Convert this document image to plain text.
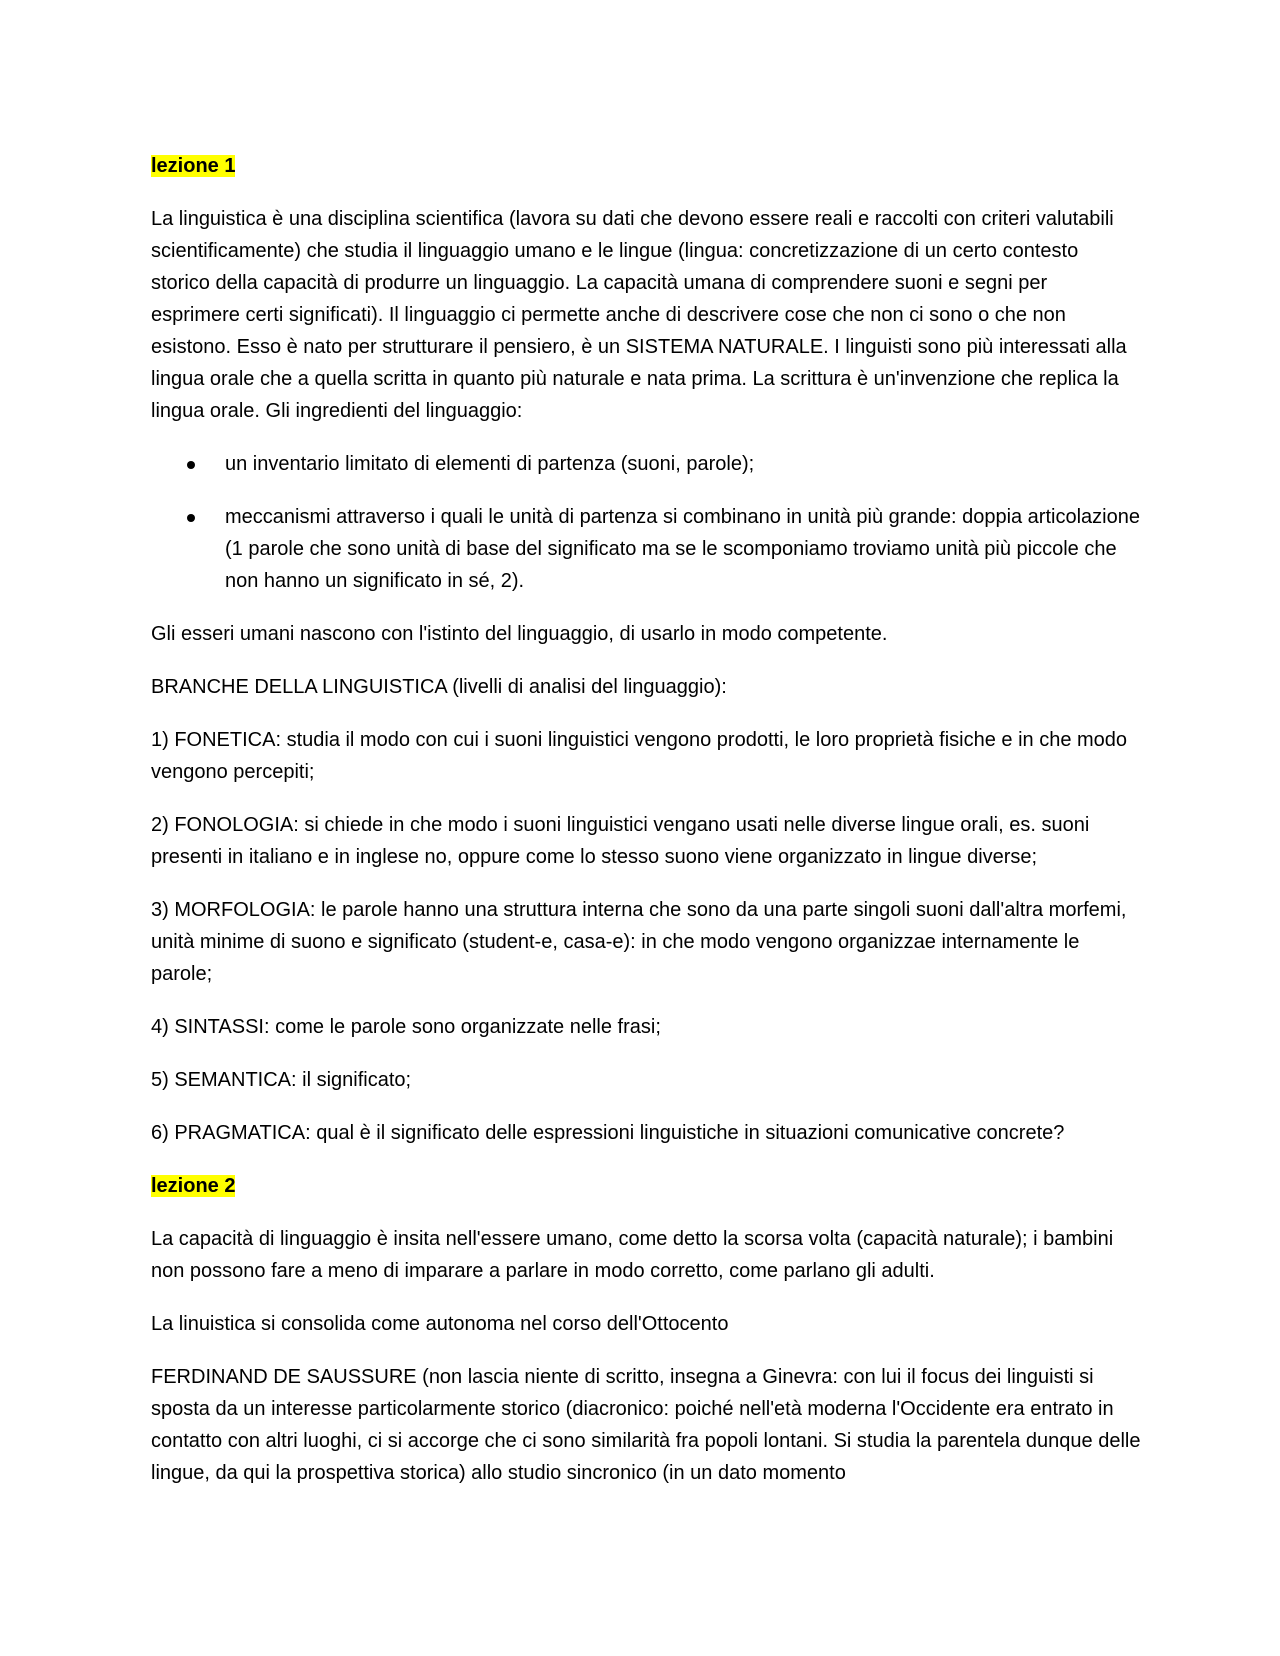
lezione 1

La linguistica è una disciplina scientifica (lavora su dati che devono essere reali e raccolti con criteri valutabili scientificamente) che studia il linguaggio umano e le lingue (lingua: concretizzazione di un certo contesto storico della capacità di produrre un linguaggio. La capacità umana di comprendere suoni e segni per esprimere certi significati). Il linguaggio ci permette anche di descrivere cose che non ci sono o che non esistono. Esso è nato per strutturare il pensiero, è un SISTEMA NATURALE. I linguisti sono più interessati alla lingua orale che a quella scritta in quanto più naturale e nata prima. La scrittura è un'invenzione che replica la lingua orale. Gli ingredienti del linguaggio:

un inventario limitato di elementi di partenza (suoni, parole);
meccanismi attraverso i quali le unità di partenza si combinano in unità più grande: doppia articolazione (1 parole che sono unità di base del significato ma se le scomponiamo troviamo unità più piccole che non hanno un significato in sé, 2).

Gli esseri umani nascono con l'istinto del linguaggio, di usarlo in modo competente.

BRANCHE DELLA LINGUISTICA (livelli di analisi del linguaggio):

1) FONETICA: studia il modo con cui i suoni linguistici vengono prodotti, le loro proprietà fisiche e in che modo vengono percepiti;

2) FONOLOGIA: si chiede in che modo i suoni linguistici vengano usati nelle diverse lingue orali, es. suoni presenti in italiano e in inglese no, oppure come lo stesso suono viene organizzato in lingue diverse;

3) MORFOLOGIA: le parole hanno una struttura interna che sono da una parte singoli suoni dall'altra morfemi, unità minime di suono e significato (student-e, casa-e): in che modo vengono organizzae internamente le parole;

4) SINTASSI: come le parole sono organizzate nelle frasi;

5) SEMANTICA: il significato;

6) PRAGMATICA: qual è il significato delle espressioni linguistiche in situazioni comunicative concrete?

lezione 2

La capacità di linguaggio è insita nell'essere umano, come detto la scorsa volta (capacità naturale); i bambini non possono fare a meno di imparare a parlare in modo corretto, come parlano gli adulti.

La linuistica si consolida come autonoma nel corso dell'Ottocento

FERDINAND DE SAUSSURE (non lascia niente di scritto, insegna a Ginevra: con lui il focus dei linguisti si sposta da un interesse particolarmente storico (diacronico: poiché nell'età moderna l'Occidente era entrato in contatto con altri luoghi, ci si accorge che ci sono similarità fra popoli lontani. Si studia la parentela dunque delle lingue, da qui la prospettiva storica) allo studio sincronico (in un dato momento
